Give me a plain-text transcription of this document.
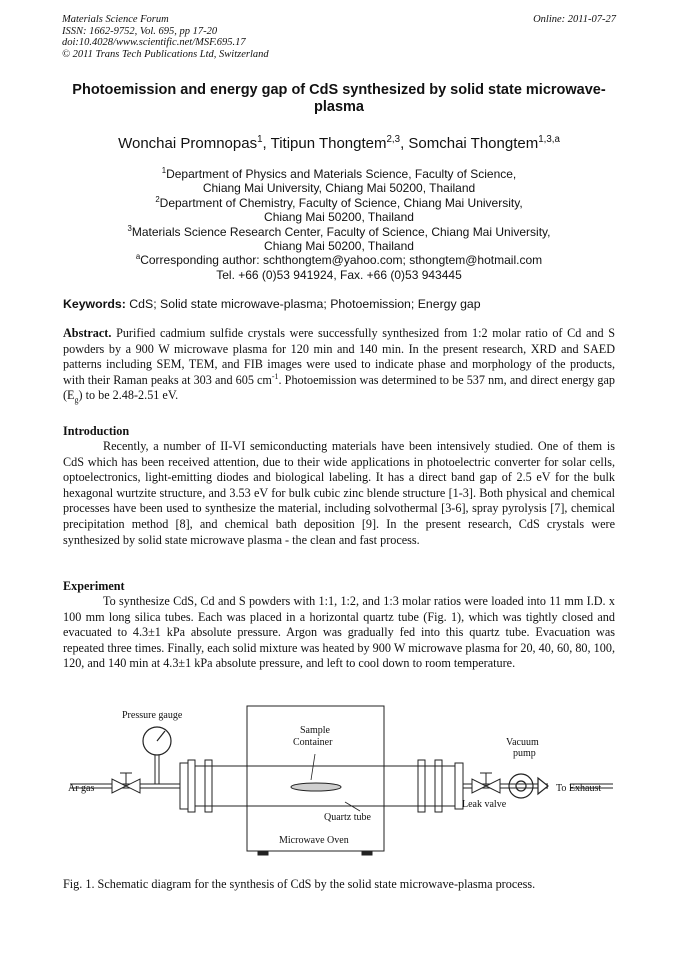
Materials Science Forum
ISSN: 1662-9752, Vol. 695, pp 17-20
doi:10.4028/www.scientific.net/MSF.695.17
© 2011 Trans Tech Publications Ltd, Switzerland
Online: 2011-07-27
Photoemission and energy gap of CdS synthesized by solid state microwave-plasma
Wonchai Promnopas$^1$, Titipun Thongtem$^{2,3}$, Somchai Thongtem$^{1,3,a}$
$^1$Department of Physics and Materials Science, Faculty of Science,
Chiang Mai University, Chiang Mai 50200, Thailand
$^2$Department of Chemistry, Faculty of Science, Chiang Mai University,
Chiang Mai 50200, Thailand
$^3$Materials Science Research Center, Faculty of Science, Chiang Mai University,
Chiang Mai 50200, Thailand
$^a$Corresponding author: schthongtem@yahoo.com; sthongtem@hotmail.com
Tel. +66 (0)53 941924, Fax. +66 (0)53 943445
Keywords: CdS; Solid state microwave-plasma; Photoemission; Energy gap
Abstract. Purified cadmium sulfide crystals were successfully synthesized from 1:2 molar ratio of Cd and S powders by a 900 W microwave plasma for 120 min and 140 min. In the present research, XRD and SAED patterns including SEM, TEM, and FIB images were used to indicate phase and morphology of the products, with their Raman peaks at 303 and 605 $cm^{-1}$. Photoemission was determined to be 537 nm, and direct energy gap $(E_g)$ to be 2.48-2.51 eV.
Introduction
Recently, a number of II-VI semiconducting materials have been intensively studied. One of them is CdS which has been received attention, due to their wide applications in photoelectric converter for solar cells, optoelectronics, light-emitting diodes and biological labeling. It has a direct band gap of 2.5 eV for the bulk hexagonal wurtzite structure, and 3.53 eV for bulk cubic zinc blende structure [1-3]. Both physical and chemical processes have been used to synthesize the material, including solvothermal [3-6], spray pyrolysis [7], chemical precipitation method [8], and chemical bath deposition [9]. In the present research, CdS crystals were synthesized by solid state microwave plasma - the clean and fast process.
Experiment
To synthesize CdS, Cd and S powders with 1:1, 1:2, and 1:3 molar ratios were loaded into 11 mm I.D. x 100 mm long silica tubes. Each was placed in a horizontal quartz tube (Fig. 1), which was tightly closed and evacuated to 4.3±1 kPa absolute pressure. Argon was gradually fed into this quartz tube. Evacuation was repeated three times. Finally, each solid mixture was heated by 900 W microwave plasma for 20, 40, 60, 80, 100, 120, and 140 min at 4.3±1 kPa absolute pressure, and left to cool down to room temperature.
Pressure gauge
Sample
Container	Vacuum
pump
Ar gas	To Exhaust
Leak valve
Quartz tube
Microwave Oven
Fig. 1. Schematic diagram for the synthesis of CdS by the solid state microwave-plasma process.
